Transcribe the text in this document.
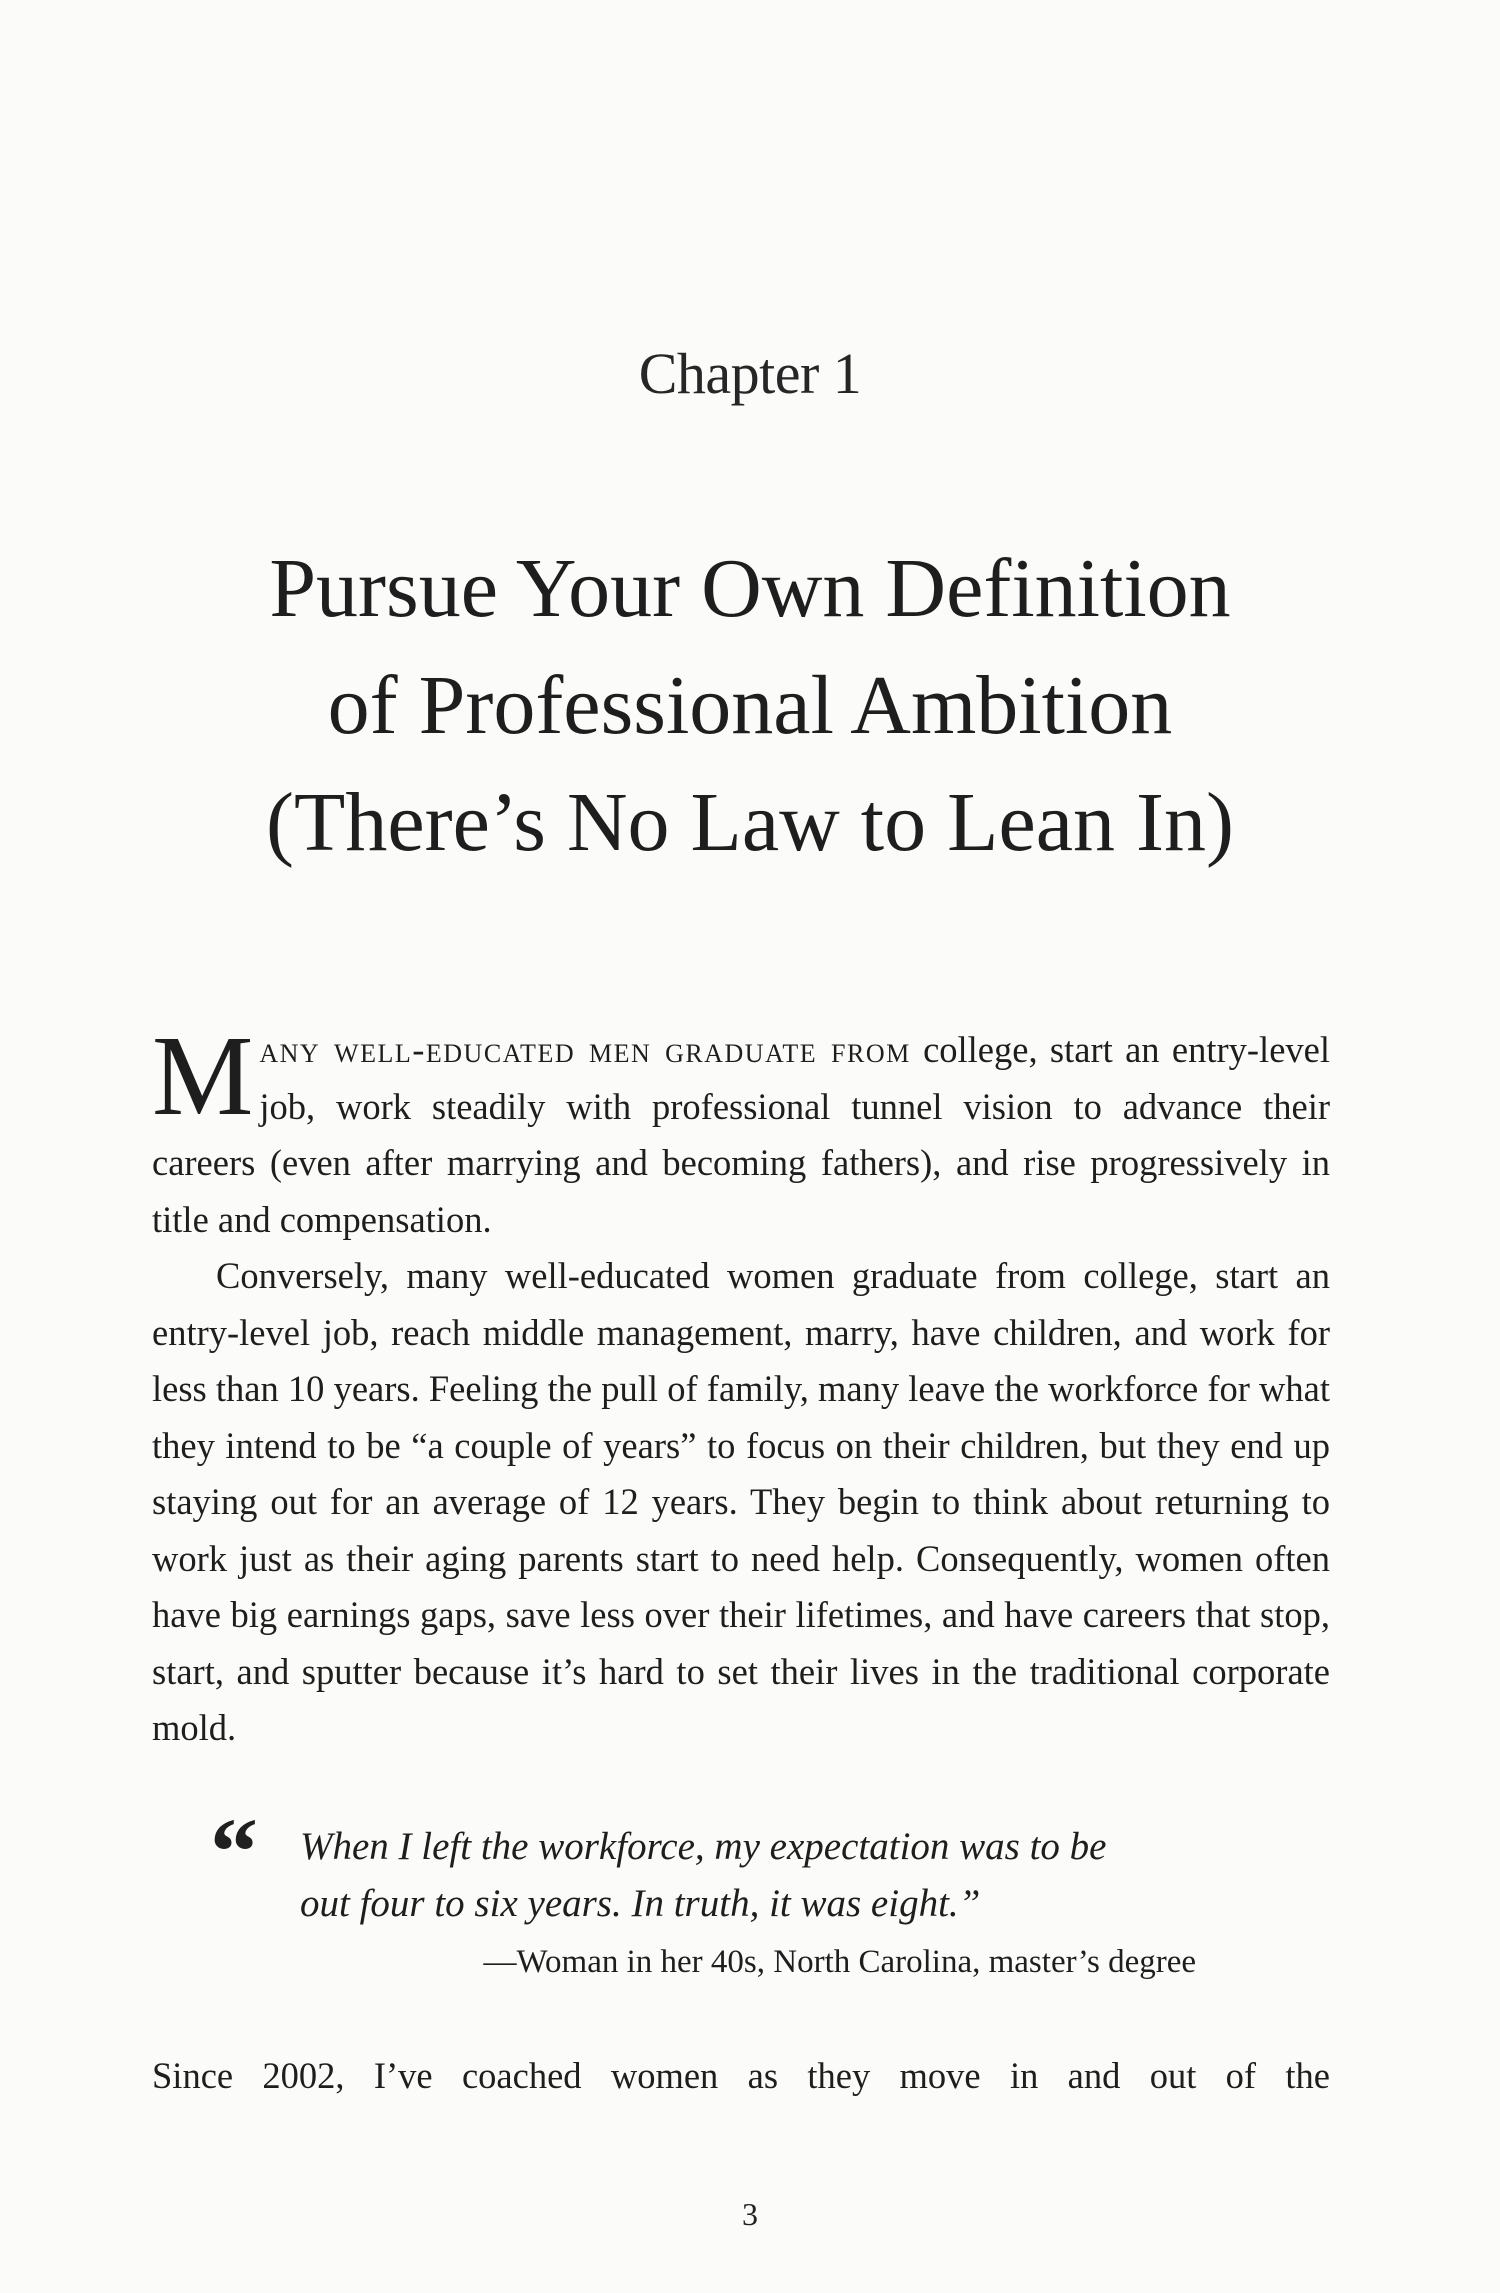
Chapter 1
Pursue Your Own Definition
of Professional Ambition
(There’s No Law to Lean In)

Many well-educated men graduate from college, start an entry-level job, work steadily with professional tunnel vision to advance their careers (even after marrying and becoming fathers), and rise progressively in title and compensation.

Conversely, many well-educated women graduate from college, start an entry-level job, reach middle management, marry, have children, and work for less than 10 years. Feeling the pull of family, many leave the workforce for what they intend to be “a couple of years” to focus on their children, but they end up staying out for an average of 12 years. They begin to think about returning to work just as their aging parents start to need help. Consequently, women often have big earnings gaps, save less over their lifetimes, and have careers that stop, start, and sputter because it’s hard to set their lives in the traditional corporate mold.

“ When I left the workforce, my expectation was to be
out four to six years. In truth, it was eight.”
—Woman in her 40s, North Carolina, master’s degree

Since 2002, I’ve coached women as they move in and out of the

3
